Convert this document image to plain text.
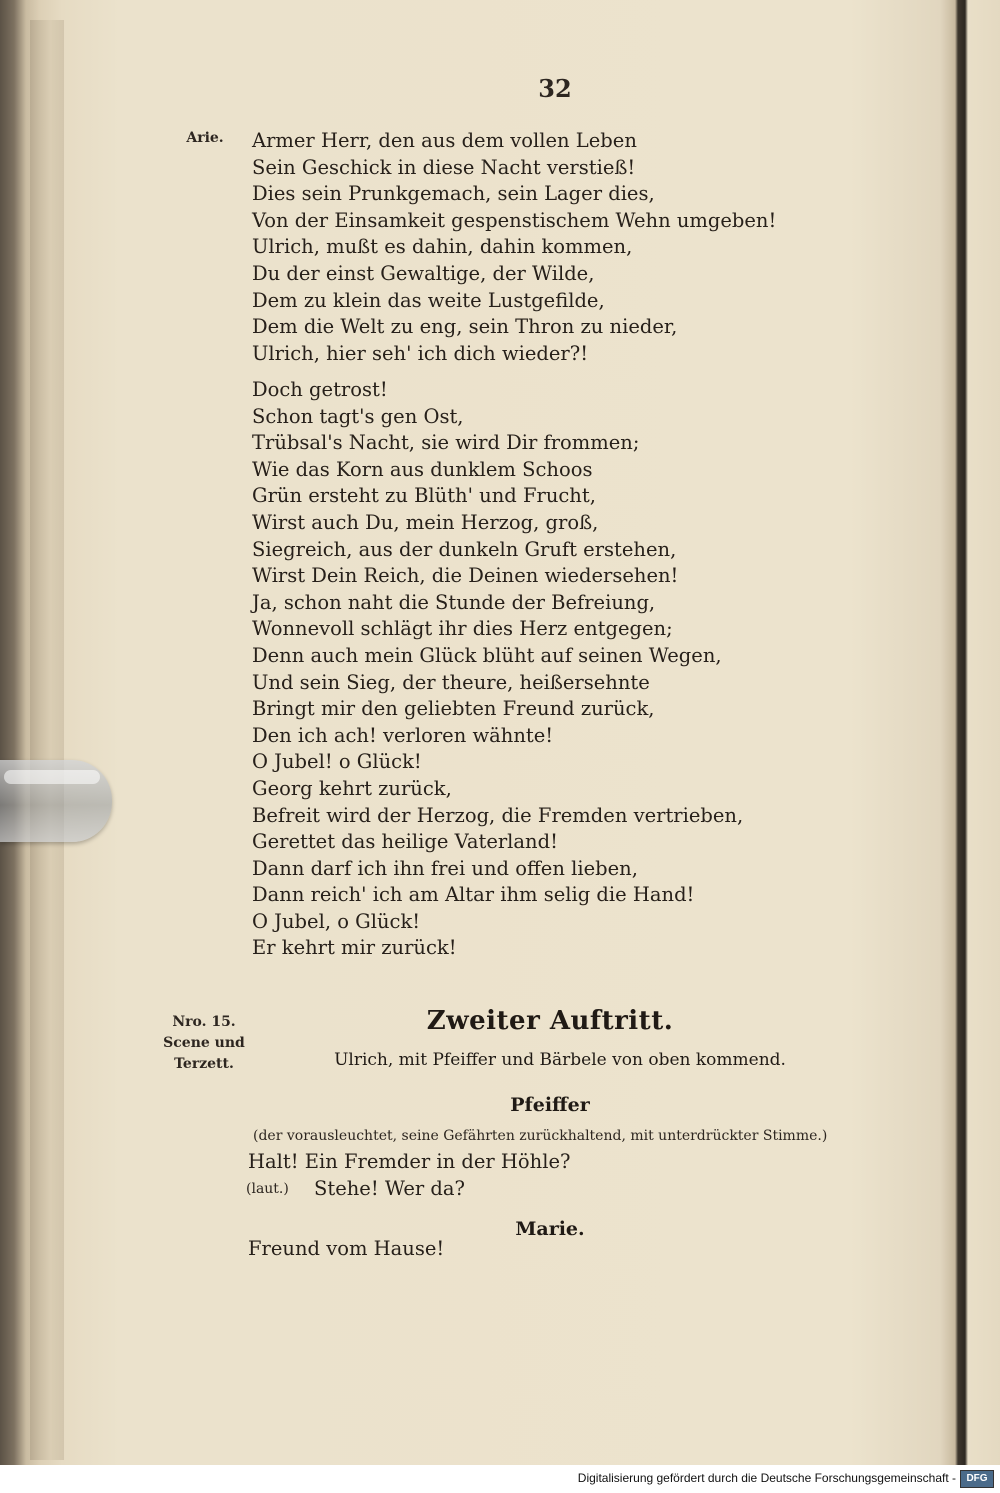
32
Arie.	Armer Herr, den aus dem vollen Leben
Sein Geschick in diese Nacht verstieß!
Dies sein Prunkgemach, sein Lager dies,
Von der Einsamkeit gespenstischem Wehn umgeben!
Ulrich, mußt es dahin, dahin kommen,
Du der einst Gewaltige, der Wilde,
Dem zu klein das weite Lustgefilde,
Dem die Welt zu eng, sein Thron zu nieder,
Ulrich, hier seh' ich dich wieder?!
Doch getrost!
Schon tagt's gen Ost,
Trübsal's Nacht, sie wird Dir frommen;
Wie das Korn aus dunklem Schoos
Grün ersteht zu Blüth' und Frucht,
Wirst auch Du, mein Herzog, groß,
Siegreich, aus der dunkeln Gruft erstehen,
Wirst Dein Reich, die Deinen wiedersehen!
Ja, schon naht die Stunde der Befreiung,
Wonnevoll schlägt ihr dies Herz entgegen;
Denn auch mein Glück blüht auf seinen Wegen,
Und sein Sieg, der theure, heißersehnte
Bringt mir den geliebten Freund zurück,
Den ich ach! verloren wähnte!
O Jubel! o Glück!
Georg kehrt zurück,
Befreit wird der Herzog, die Fremden vertrieben,
Gerettet das heilige Vaterland!
Dann darf ich ihn frei und offen lieben,
Dann reich' ich am Altar ihm selig die Hand!
O Jubel, o Glück!
Er kehrt mir zurück!
Nro. 15.
Scene und
Terzett.
Zweiter Auftritt.
Ulrich, mit Pfeiffer und Bärbele von oben kommend.
Pfeiffer
(der vorausleuchtet, seine Gefährten zurückhaltend, mit unterdrückter Stimme.)
Halt! Ein Fremder in der Höhle?
(laut.) Stehe! Wer da?
Marie.
Freund vom Hause!
Digitalisierung gefördert durch die Deutsche Forschungsgemeinschaft -	DFG
